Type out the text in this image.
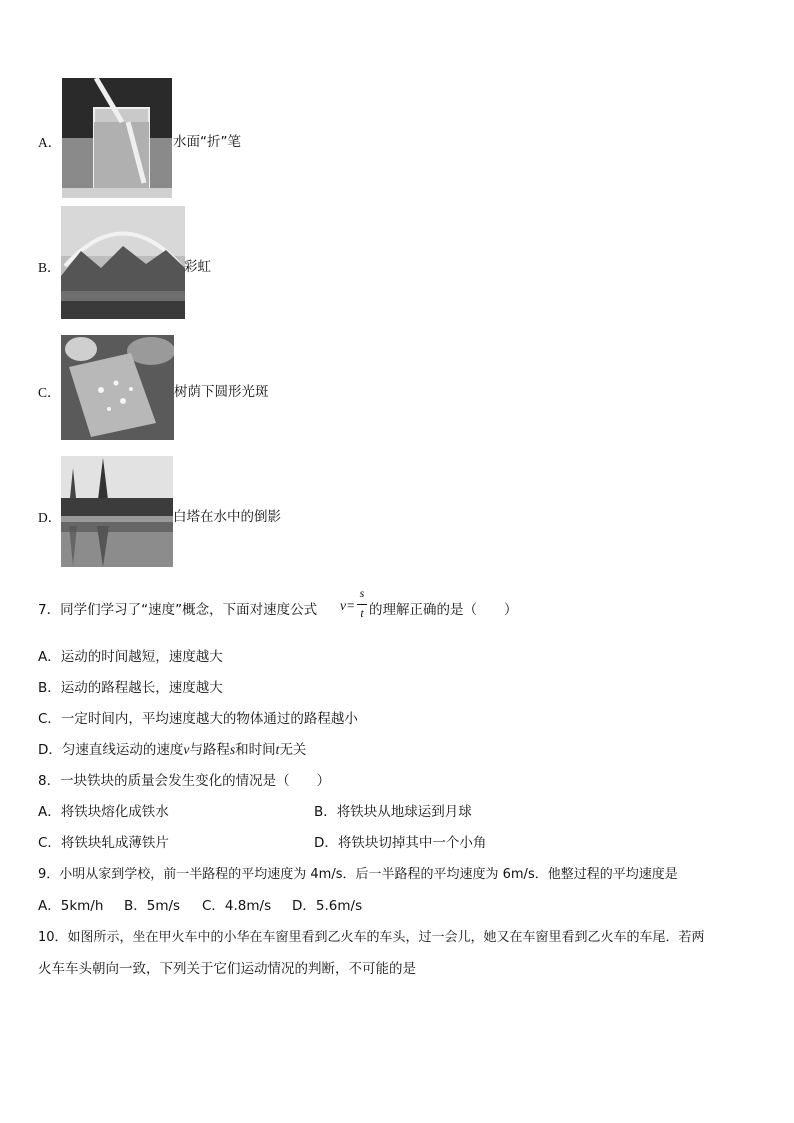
A．	水面“折”笔
B．	彩虹
C．	树荫下圆形光斑
D．	白塔在水中的倒影
7．同学们学习了“速度”概念，下面对速度公式 v=
s
t 的理解正确的是（　　）
A．运动的时间越短，速度越大
B．运动的路程越长，速度越大
C．一定时间内，平均速度越大的物体通过的路程越小
D．匀速直线运动的速度v与路程s和时间t无关
8．一块铁块的质量会发生变化的情况是（　　）
A．将铁块熔化成铁水	B．将铁块从地球运到月球
C．将铁块轧成薄铁片	D．将铁块切掉其中一个小角
9．小明从家到学校，前一半路程的平均速度为 4m/s．后一半路程的平均速度为 6m/s．他整过程的平均速度是
A．5km/h B．5m/s C．4.8m/s D．5.6m/s
10．如图所示，坐在甲火车中的小华在车窗里看到乙火车的车头，过一会儿，她又在车窗里看到乙火车的车尾．若两
火车车头朝向一致，下列关于它们运动情况的判断，不可能的是
